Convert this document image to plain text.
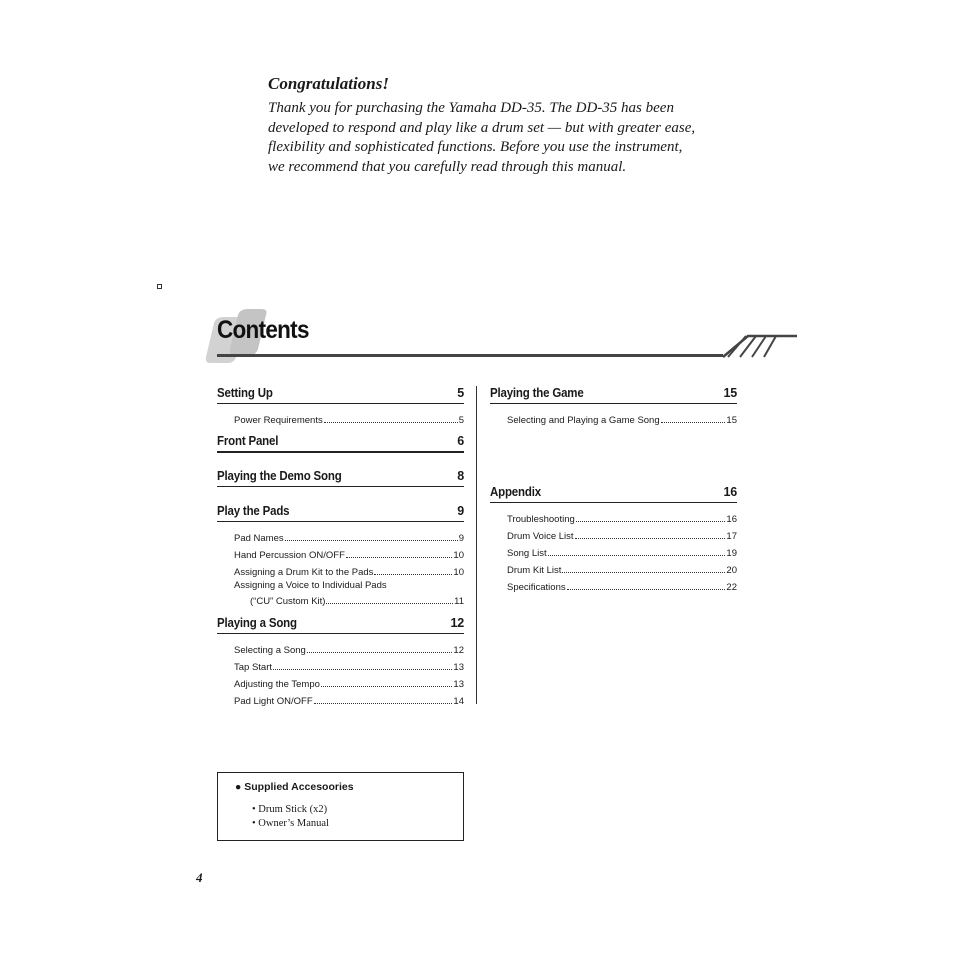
Congratulations!

Thank you for purchasing the Yamaha DD-35. The DD-35 has been developed to respond and play like a drum set — but with greater ease, flexibility and sophisticated functions. Before you use the instrument, we recommend that you carefully read through this manual.

Contents
Setting Up	5
Power Requirements	5
Front Panel	6
Playing the Demo Song	8
Play the Pads	9
Pad Names	9
Hand Percussion ON/OFF	10
Assigning a Drum Kit to the Pads	10
Assigning a Voice to Individual Pads
(“CU” Custom Kit)	11
Playing a Song	12
Selecting a Song	12
Tap Start	13
Adjusting the Tempo	13
Pad Light ON/OFF	14
Playing the Game	15
Selecting and Playing a Game Song	15
Appendix	16
Troubleshooting	16
Drum Voice List	17
Song List	19
Drum Kit List	20
Specifications	22
● Supplied Accesoories
• Drum Stick (x2)
• Owner’s Manual
4
